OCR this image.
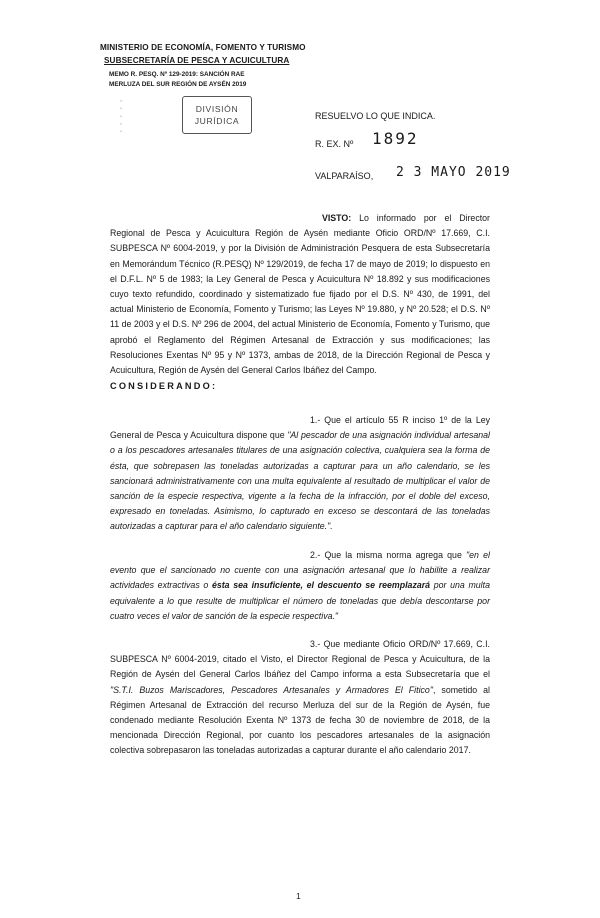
MINISTERIO DE ECONOMÍA, FOMENTO Y TURISMO
SUBSECRETARÍA DE PESCA Y ACUICULTURA
MEMO R. PESQ. Nº 129-2019: SANCIÓN RAE
MERLUZA DEL SUR REGIÓN DE AYSÉN 2019
◦ ◦ ◦ ◦ ◦	DIVISIÓN
JURÍDICA	RESUELVO LO QUE INDICA.
R. EX. Nº 1892
VALPARAÍSO, 2 3 MAYO 2019
VISTO: Lo informado por el Director Regional de Pesca y Acuicultura Región de Aysén mediante Oficio ORD/Nº 17.669, C.I. SUBPESCA Nº 6004-2019, y por la División de Administración Pesquera de esta Subsecretaría en Memorándum Técnico (R.PESQ) Nº 129/2019, de fecha 17 de mayo de 2019; lo dispuesto en el D.F.L. Nº 5 de 1983; la Ley General de Pesca y Acuicultura Nº 18.892 y sus modificaciones cuyo texto refundido, coordinado y sistematizado fue fijado por el D.S. Nº 430, de 1991, del actual Ministerio de Economía, Fomento y Turismo; las Leyes Nº 19.880, y Nº 20.528; el D.S. Nº 11 de 2003 y el D.S. Nº 296 de 2004, del actual Ministerio de Economía, Fomento y Turismo, que aprobó el Reglamento del Régimen Artesanal de Extracción y sus modificaciones; las Resoluciones Exentas Nº 95 y Nº 1373, ambas de 2018, de la Dirección Regional de Pesca y Acuicultura, Región de Aysén del General Carlos Ibáñez del Campo.
CONSIDERANDO:
1.- Que el artículo 55 R inciso 1º de la Ley General de Pesca y Acuicultura dispone que "Al pescador de una asignación individual artesanal o a los pescadores artesanales titulares de una asignación colectiva, cualquiera sea la forma de ésta, que sobrepasen las toneladas autorizadas a capturar para un año calendario, se les sancionará administrativamente con una multa equivalente al resultado de multiplicar el valor de sanción de la especie respectiva, vigente a la fecha de la infracción, por el doble del exceso, expresado en toneladas. Asimismo, lo capturado en exceso se descontará de las toneladas autorizadas a capturar para el año calendario siguiente.".
2.- Que la misma norma agrega que "en el evento que el sancionado no cuente con una asignación artesanal que lo habilite a realizar actividades extractivas o ésta sea insuficiente, el descuento se reemplazará por una multa equivalente a lo que resulte de multiplicar el número de toneladas que debía descontarse por cuatro veces el valor de sanción de la especie respectiva."
3.- Que mediante Oficio ORD/Nº 17.669, C.I. SUBPESCA Nº 6004-2019, citado el Visto, el Director Regional de Pesca y Acuicultura, de la Región de Aysén del General Carlos Ibáñez del Campo informa a esta Subsecretaría que el "S.T.I. Buzos Mariscadores, Pescadores Artesanales y Armadores El Fitico", sometido al Régimen Artesanal de Extracción del recurso Merluza del sur de la Región de Aysén, fue condenado mediante Resolución Exenta Nº 1373 de fecha 30 de noviembre de 2018, de la mencionada Dirección Regional, por cuanto los pescadores artesanales de la asignación colectiva sobrepasaron las toneladas autorizadas a capturar durante el año calendario 2017.
1
